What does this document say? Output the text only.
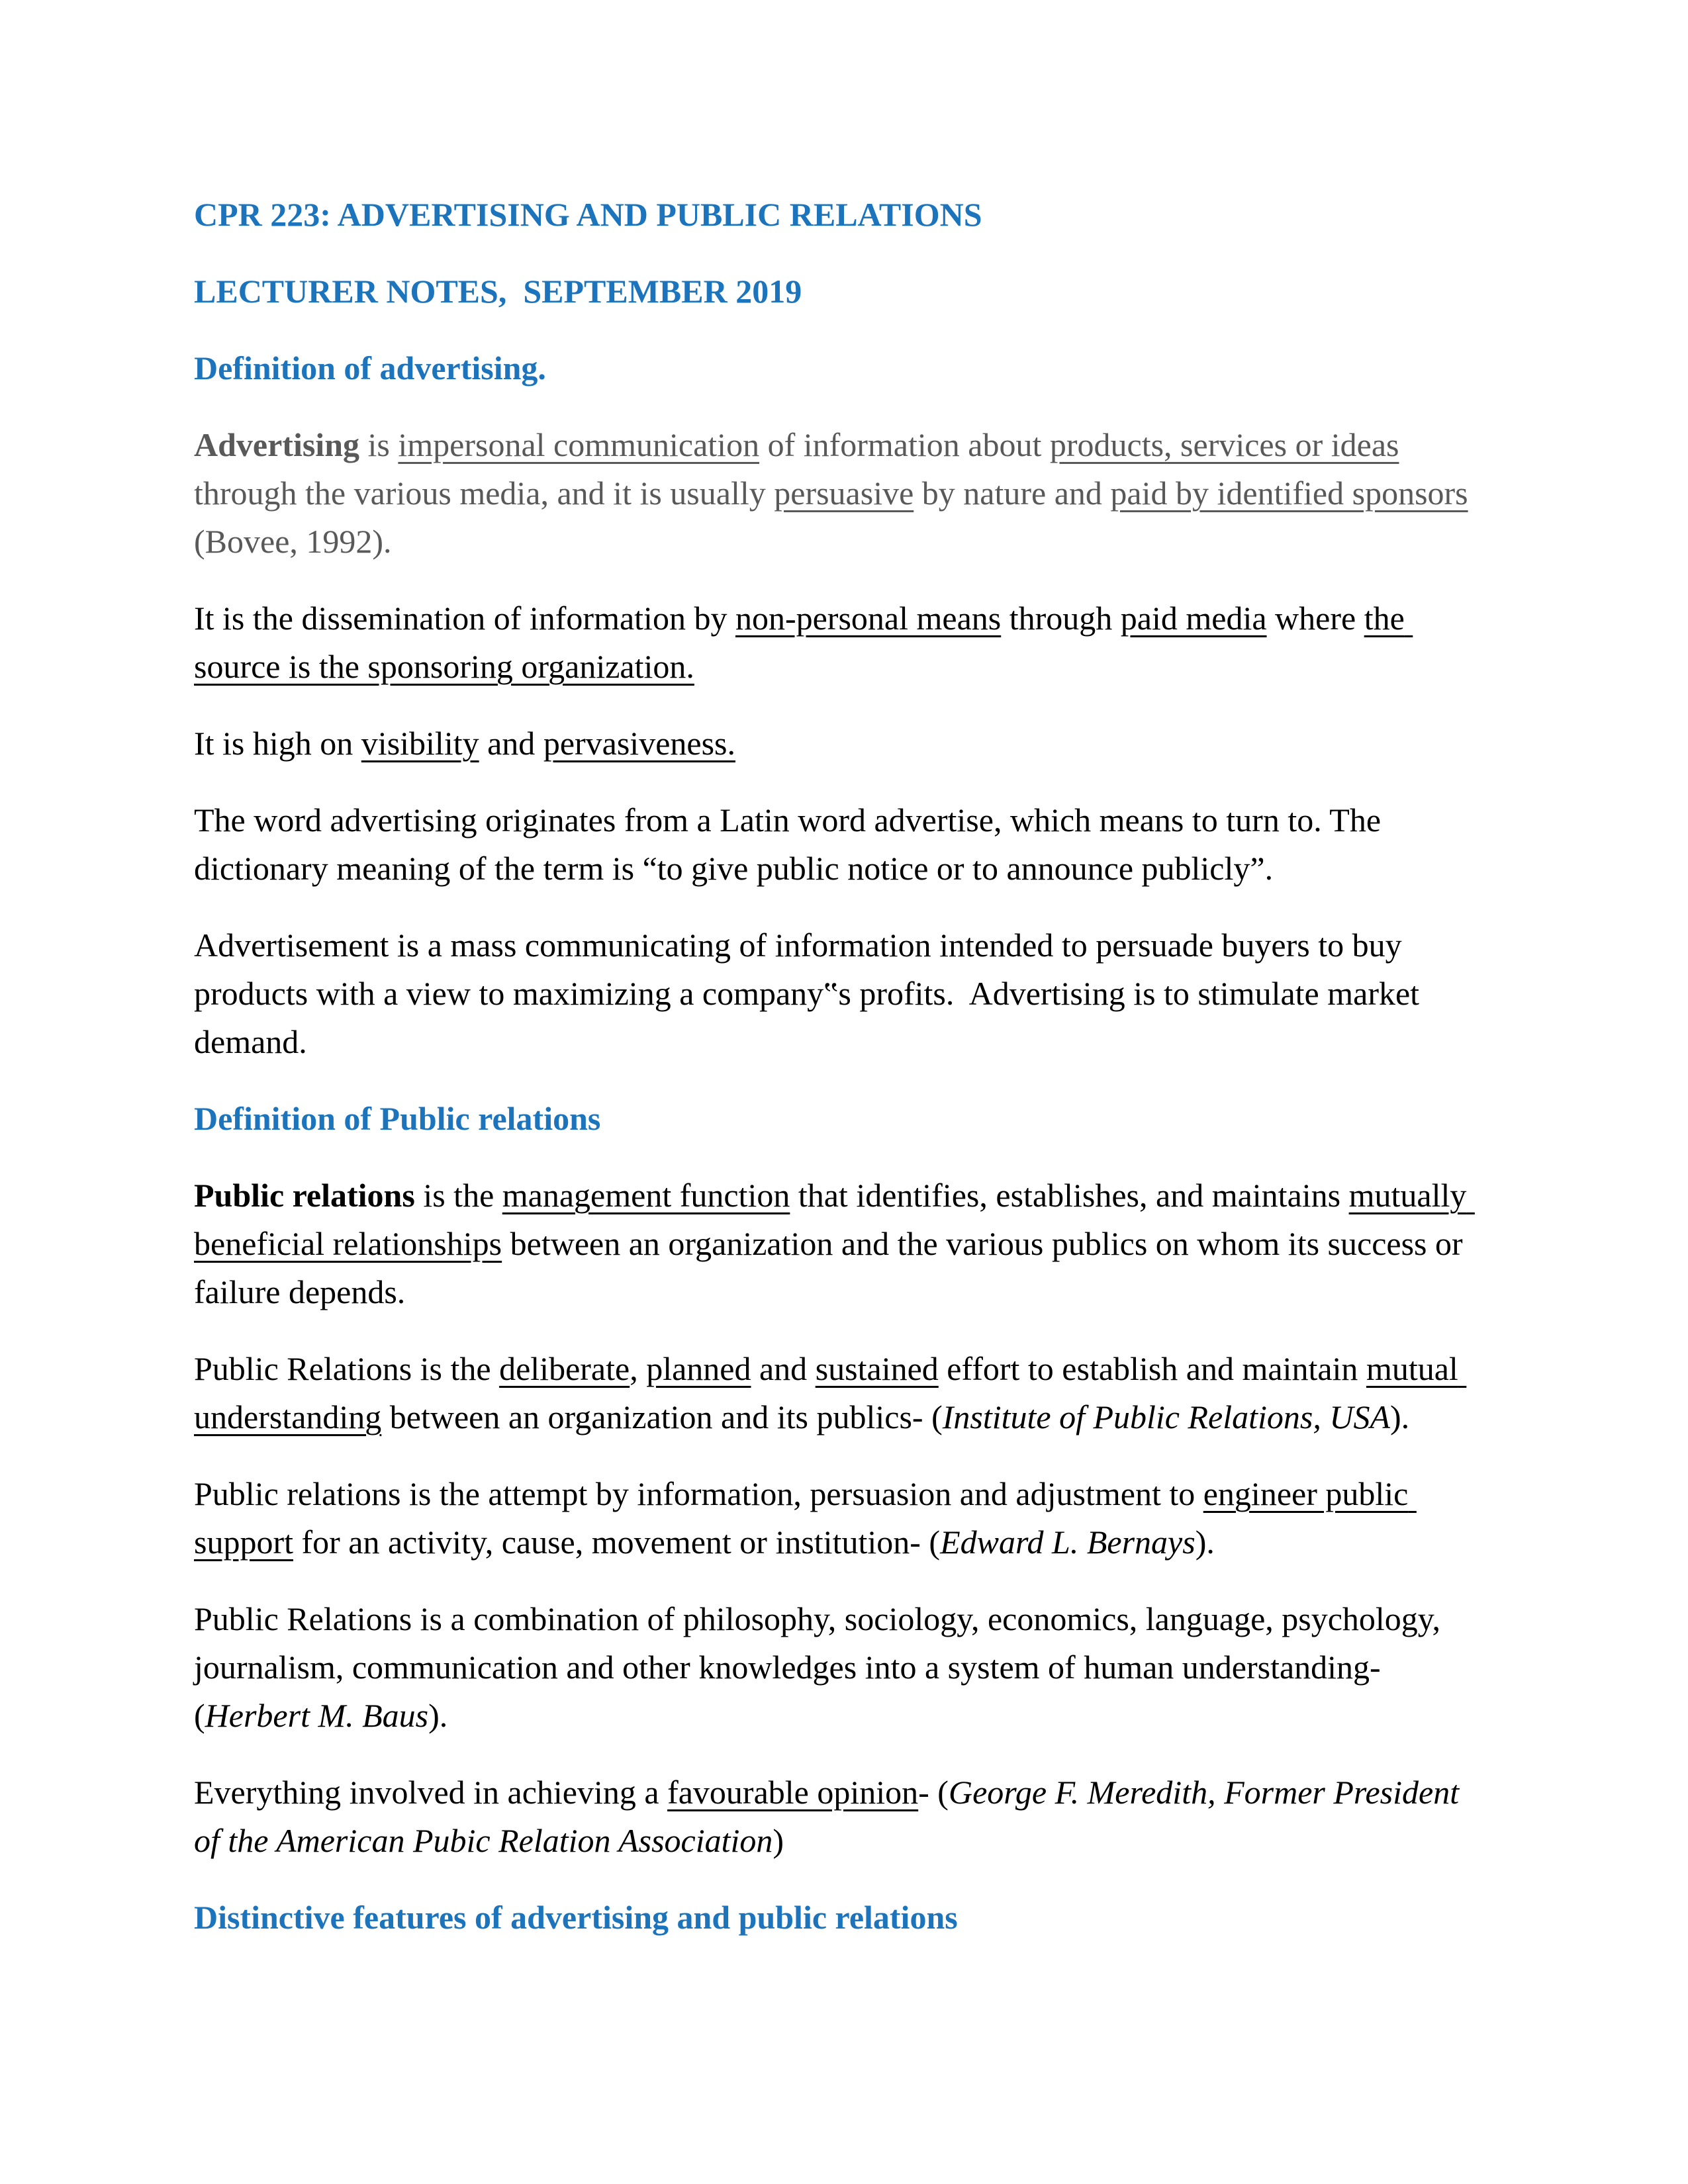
CPR 223: ADVERTISING AND PUBLIC RELATIONS
LECTURER NOTES,  SEPTEMBER 2019
Definition of advertising.
Advertising is impersonal communication of information about products, services or ideas through the various media, and it is usually persuasive by nature and paid by identified sponsors (Bovee, 1992).
It is the dissemination of information by non-personal means through paid media where the source is the sponsoring organization.
It is high on visibility and pervasiveness.
The word advertising originates from a Latin word advertise, which means to turn to. The dictionary meaning of the term is “to give public notice or to announce publicly”.
Advertisement is a mass communicating of information intended to persuade buyers to buy products with a view to maximizing a company‟s profits.  Advertising is to stimulate market demand.
Definition of Public relations
Public relations is the management function that identifies, establishes, and maintains mutually beneficial relationships between an organization and the various publics on whom its success or failure depends.
Public Relations is the deliberate, planned and sustained effort to establish and maintain mutual understanding between an organization and its publics- (Institute of Public Relations, USA).
Public relations is the attempt by information, persuasion and adjustment to engineer public support for an activity, cause, movement or institution- (Edward L. Bernays).
Public Relations is a combination of philosophy, sociology, economics, language, psychology, journalism, communication and other knowledges into a system of human understanding- (Herbert M. Baus).
Everything involved in achieving a favourable opinion- (George F. Meredith, Former President of the American Pubic Relation Association)
Distinctive features of advertising and public relations
